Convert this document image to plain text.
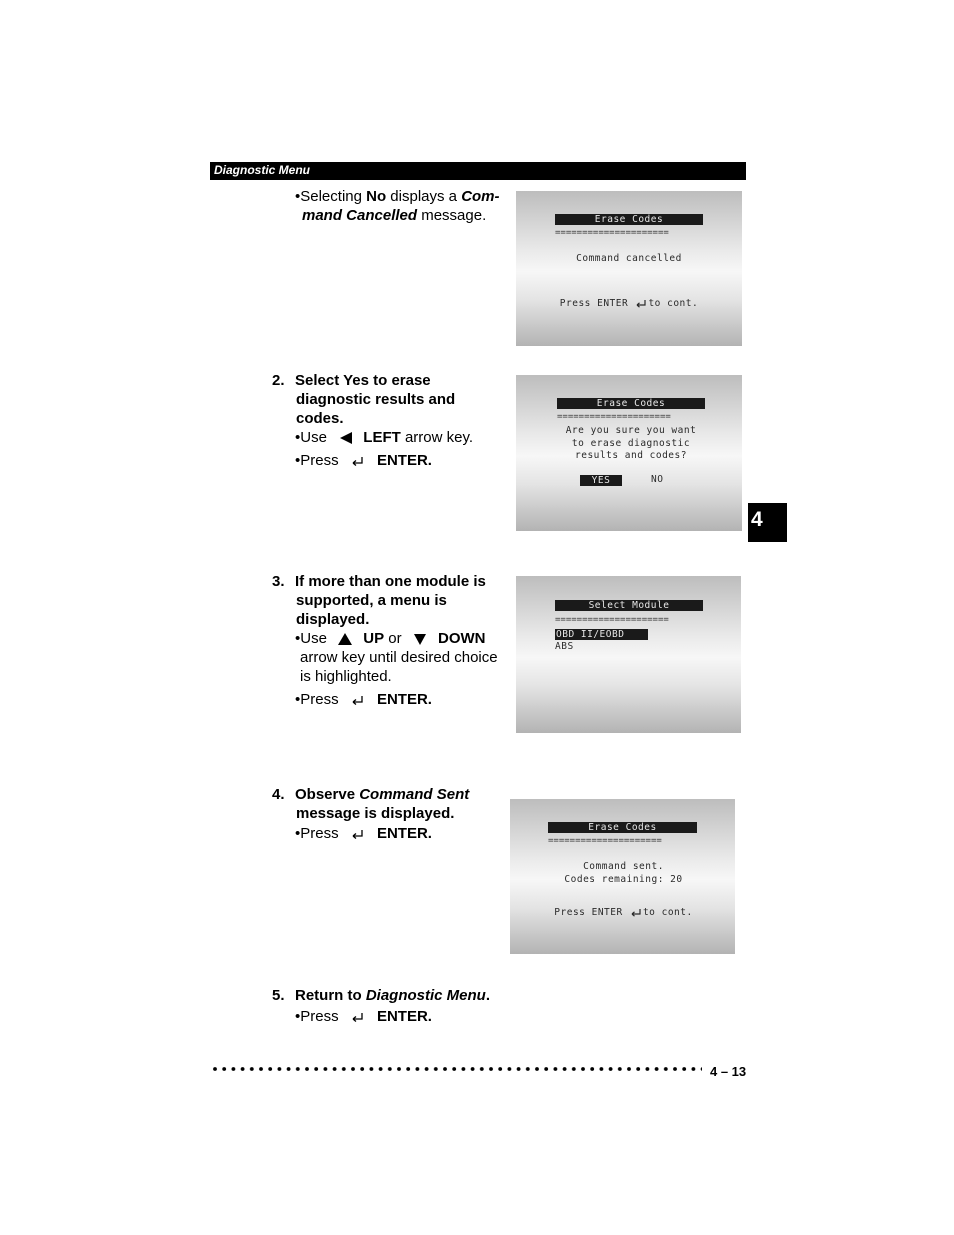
Diagnostic Menu
4
•Selecting No displays a Com-
mand Cancelled message.	Erase Codes
=====================
Command cancelled
Press ENTER to cont.
2. Select Yes to erase
diagnostic results and
codes.
•Use LEFT arrow key.
•Press	ENTER.
Erase Codes
=====================
Are you sure you want
to erase diagnostic
results and codes?
YES	NO
3. If more than one module is
supported, a menu is
displayed.
•Use UP or DOWN
arrow key until desired choice
is highlighted.
•Press	ENTER.
Select Module
=====================
OBD II/EOBD
ABS
4. Observe Command Sent
message is displayed.
•Press	ENTER.	Erase Codes
=====================
Command sent.
Codes remaining: 20
Press ENTER to cont.
5. Return to Diagnostic Menu.
•Press	ENTER.
4 – 13
